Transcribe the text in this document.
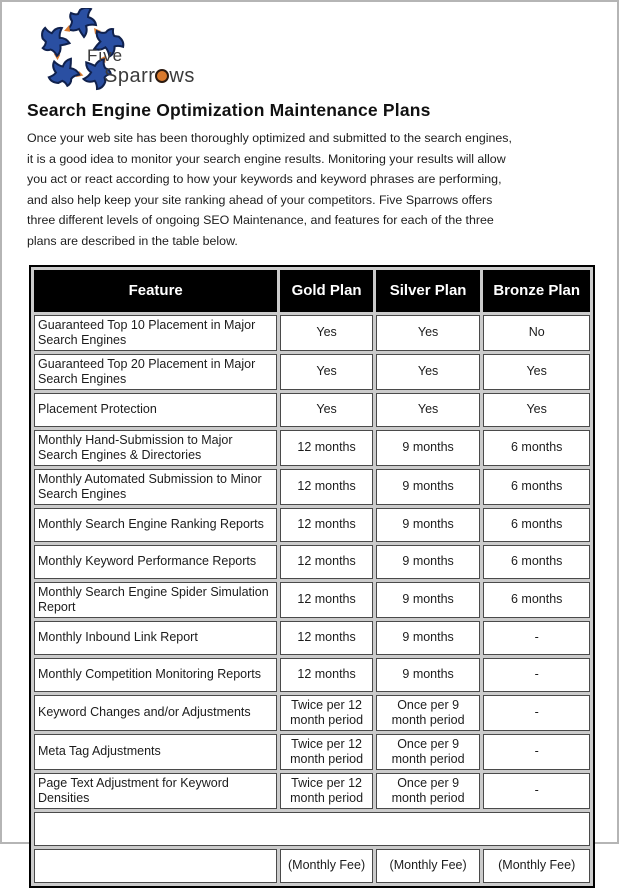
Five
Sparr ws
Search Engine Optimization Maintenance Plans

Once your web site has been thoroughly optimized and submitted to the search engines, it is a good idea to monitor your search engine results. Monitoring your results will allow you act or react according to how your keywords and keyword phrases are performing, and also help keep your site ranking ahead of your competitors. Five Sparrows offers three different levels of ongoing SEO Maintenance, and features for each of the three plans are described in the table below.

Feature	Gold Plan	Silver Plan	Bronze Plan
Guaranteed Top 10 Placement in Major Search Engines	Yes	Yes	No
Guaranteed Top 20 Placement in Major Search Engines	Yes	Yes	Yes
Placement Protection	Yes	Yes	Yes
Monthly Hand-Submission to Major Search Engines & Directories	12 months	9 months	6 months
Monthly Automated Submission to Minor Search Engines	12 months	9 months	6 months
Monthly Search Engine Ranking Reports	12 months	9 months	6 months
Monthly Keyword Performance Reports	12 months	9 months	6 months
Monthly Search Engine Spider Simulation Report	12 months	9 months	6 months
Monthly Inbound Link Report	12 months	9 months	-
Monthly Competition Monitoring Reports	12 months	9 months	-
Keyword Changes and/or Adjustments	Twice per 12 month period	Once per 9 month period	-
Meta Tag Adjustments	Twice per 12 month period	Once per 9 month period	-
Page Text Adjustment for Keyword Densities	Twice per 12 month period	Once per 9 month period	-

	(Monthly Fee)	(Monthly Fee)	(Monthly Fee)
